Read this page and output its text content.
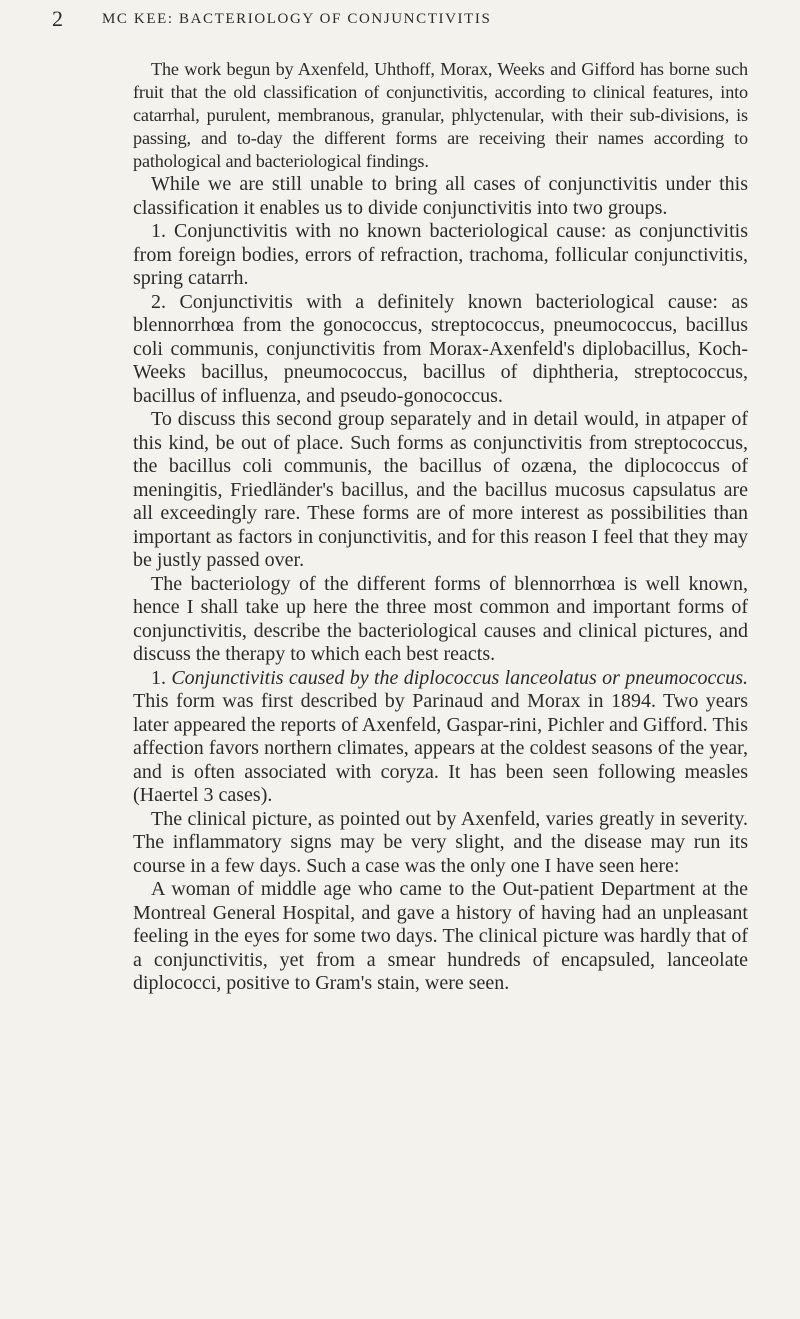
2	MC KEE: BACTERIOLOGY OF CONJUNCTIVITIS

The work begun by Axenfeld, Uhthoff, Morax, Weeks and Gifford has borne such fruit that the old classification of conjunctivitis, according to clinical features, into catarrhal, purulent, membranous, granular, phlyctenular, with their sub-divisions, is passing, and to-day the different forms are receiving their names according to pathological and bacteriological findings.

While we are still unable to bring all cases of conjunctivitis under this classification it enables us to divide conjunctivitis into two groups.

1. Conjunctivitis with no known bacteriological cause: as conjunctivitis from foreign bodies, errors of refraction, trachoma, follicular conjunctivitis, spring catarrh.

2. Conjunctivitis with a definitely known bacteriological cause: as blennorrhœa from the gonococcus, streptococcus, pneumococcus, bacillus coli communis, conjunctivitis from Morax-Axenfeld's diplobacillus, Koch-Weeks bacillus, pneumococcus, bacillus of diphtheria, streptococcus, bacillus of influenza, and pseudo-gonococcus.

To discuss this second group separately and in detail would, in atpaper of this kind, be out of place. Such forms as conjunctivitis from streptococcus, the bacillus coli communis, the bacillus of ozæna, the diplococcus of meningitis, Friedländer's bacillus, and the bacillus mucosus capsulatus are all exceedingly rare. These forms are of more interest as possibilities than important as factors in conjunctivitis, and for this reason I feel that they may be justly passed over.

The bacteriology of the different forms of blennorrhœa is well known, hence I shall take up here the three most common and important forms of conjunctivitis, describe the bacteriological causes and clinical pictures, and discuss the therapy to which each best reacts.

1. Conjunctivitis caused by the diplococcus lanceolatus or pneumococcus. This form was first described by Parinaud and Morax in 1894. Two years later appeared the reports of Axenfeld, Gaspar-rini, Pichler and Gifford. This affection favors northern climates, appears at the coldest seasons of the year, and is often associated with coryza. It has been seen following measles (Haertel 3 cases).

The clinical picture, as pointed out by Axenfeld, varies greatly in severity. The inflammatory signs may be very slight, and the disease may run its course in a few days. Such a case was the only one I have seen here:

A woman of middle age who came to the Out-patient Department at the Montreal General Hospital, and gave a history of having had an unpleasant feeling in the eyes for some two days. The clinical picture was hardly that of a conjunctivitis, yet from a smear hundreds of encapsuled, lanceolate diplococci, positive to Gram's stain, were seen.
